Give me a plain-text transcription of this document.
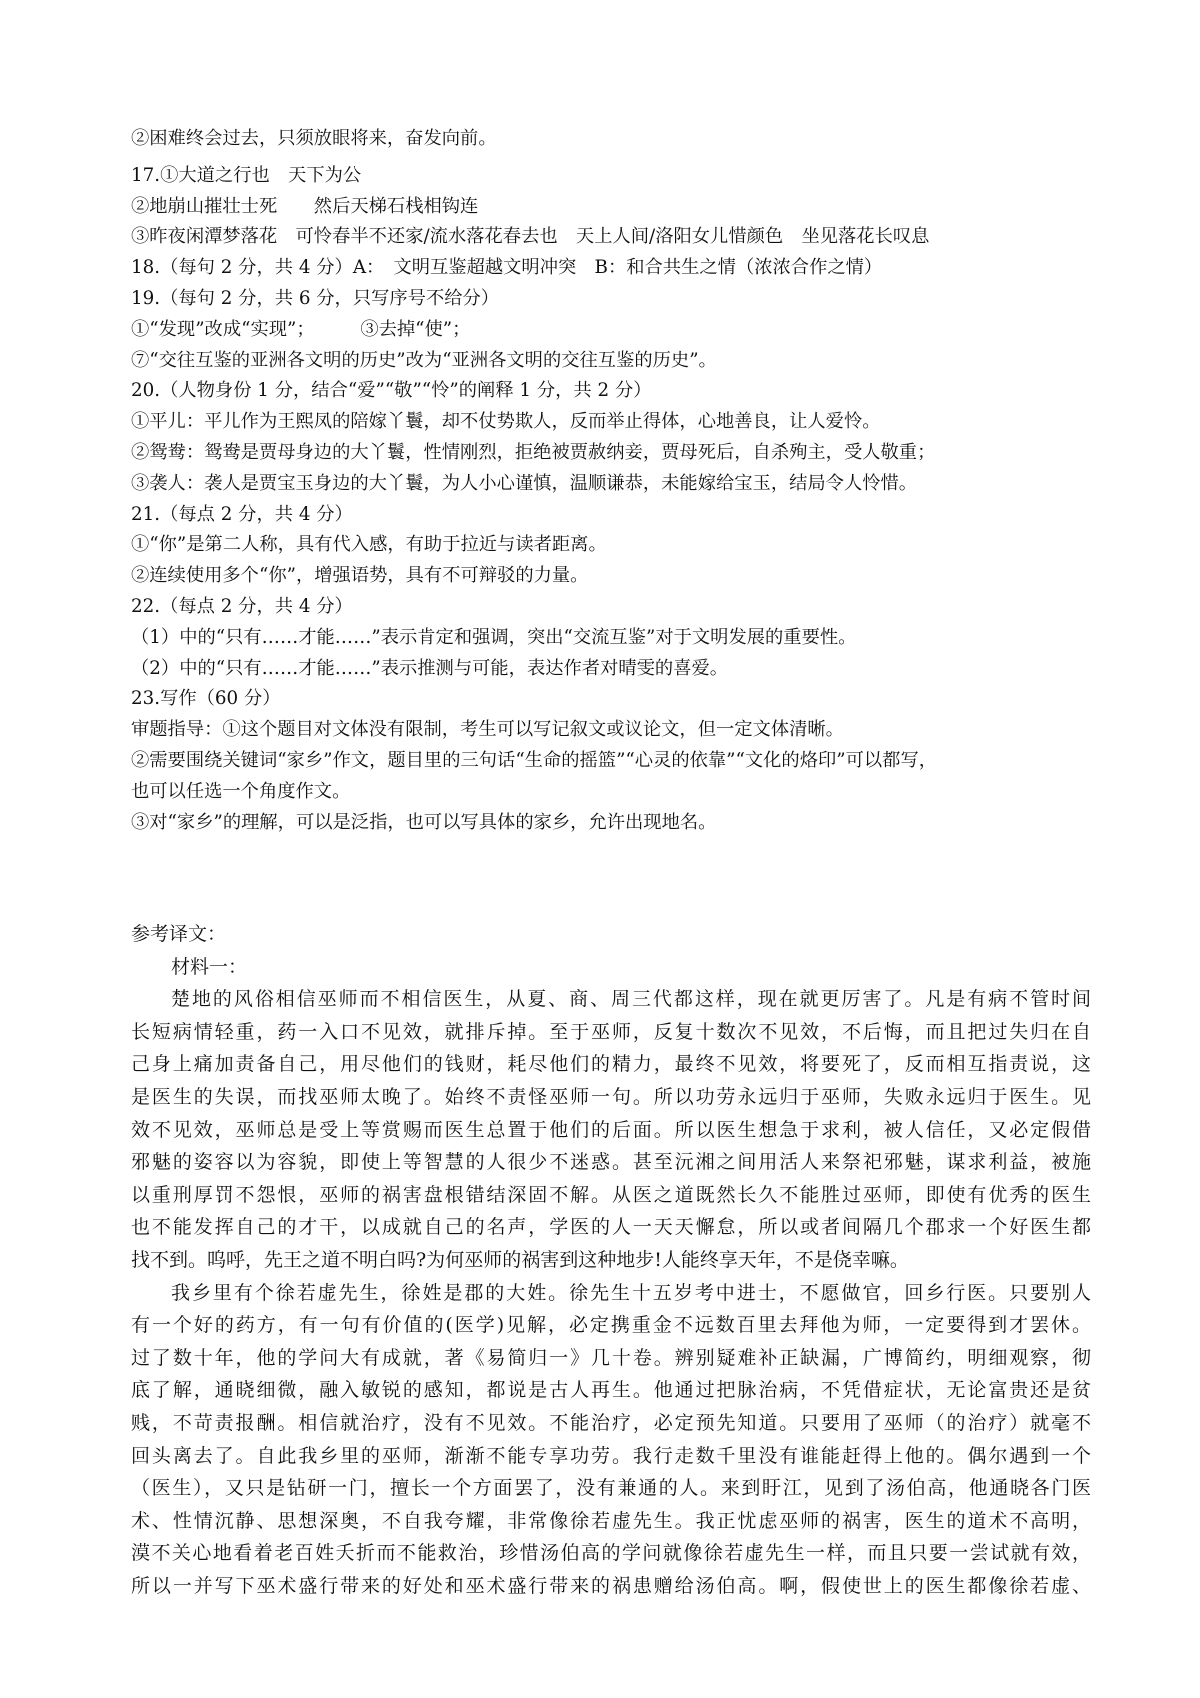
②困难终会过去，只须放眼将来，奋发向前。
17.①大道之行也　天下为公
②地崩山摧壮士死　　然后天梯石栈相钩连
③昨夜闲潭梦落花　可怜春半不还家/流水落花春去也　天上人间/洛阳女儿惜颜色　坐见落花长叹息
18.（每句 2 分，共 4 分）A：　文明互鉴超越文明冲突　B：和合共生之情（浓浓合作之情）
19.（每句 2 分，共 6 分，只写序号不给分）
①“发现”改成“实现”；　　　③去掉“使”；
⑦“交往互鉴的亚洲各文明的历史”改为“亚洲各文明的交往互鉴的历史”。
20.（人物身份 1 分，结合“爱”“敬”“怜”的阐释 1 分，共 2 分）
①平儿：平儿作为王熙凤的陪嫁丫鬟，却不仗势欺人，反而举止得体，心地善良，让人爱怜。
②鸳鸯：鸳鸯是贾母身边的大丫鬟，性情刚烈，拒绝被贾赦纳妾，贾母死后，自杀殉主，受人敬重；
③袭人：袭人是贾宝玉身边的大丫鬟，为人小心谨慎，温顺谦恭，未能嫁给宝玉，结局令人怜惜。
21.（每点 2 分，共 4 分）
①“你”是第二人称，具有代入感，有助于拉近与读者距离。
②连续使用多个“你”，增强语势，具有不可辩驳的力量。
22.（每点 2 分，共 4 分）
（1）中的“只有……才能……”表示肯定和强调，突出“交流互鉴”对于文明发展的重要性。
（2）中的“只有……才能……”表示推测与可能，表达作者对晴雯的喜爱。
23.写作（60 分）
审题指导：①这个题目对文体没有限制，考生可以写记叙文或议论文，但一定文体清晰。
②需要围绕关键词“家乡”作文，题目里的三句话“生命的摇篮”“心灵的依靠”“文化的烙印”可以都写，
也可以任选一个角度作文。
③对“家乡”的理解，可以是泛指，也可以写具体的家乡，允许出现地名。
参考译文：
材料一：
楚地的风俗相信巫师而不相信医生，从夏、商、周三代都这样，现在就更厉害了。凡是有病不管时间
长短病情轻重，药一入口不见效，就排斥掉。至于巫师，反复十数次不见效，不后悔，而且把过失归在自
己身上痛加责备自己，用尽他们的钱财，耗尽他们的精力，最终不见效，将要死了，反而相互指责说，这
是医生的失误，而找巫师太晚了。始终不责怪巫师一句。所以功劳永远归于巫师，失败永远归于医生。见
效不见效，巫师总是受上等赏赐而医生总置于他们的后面。所以医生想急于求利，被人信任，又必定假借
邪魅的姿容以为容貌，即使上等智慧的人很少不迷惑。甚至沅湘之间用活人来祭祀邪魅，谋求利益，被施
以重刑厚罚不怨恨，巫师的祸害盘根错结深固不解。从医之道既然长久不能胜过巫师，即使有优秀的医生
也不能发挥自己的才干，以成就自己的名声，学医的人一天天懈怠，所以或者间隔几个郡求一个好医生都
找不到。呜呼，先王之道不明白吗?为何巫师的祸害到这种地步!人能终享天年，不是侥幸嘛。
我乡里有个徐若虚先生，徐姓是郡的大姓。徐先生十五岁考中进士，不愿做官，回乡行医。只要别人
有一个好的药方，有一句有价值的(医学)见解，必定携重金不远数百里去拜他为师，一定要得到才罢休。
过了数十年，他的学问大有成就，著《易简归一》几十卷。辨别疑难补正缺漏，广博简约，明细观察，彻
底了解，通晓细微，融入敏锐的感知，都说是古人再生。他通过把脉治病，不凭借症状，无论富贵还是贫
贱，不苛责报酬。相信就治疗，没有不见效。不能治疗，必定预先知道。只要用了巫师（的治疗）就毫不
回头离去了。自此我乡里的巫师，渐渐不能专享功劳。我行走数千里没有谁能赶得上他的。偶尔遇到一个
（医生），又只是钻研一门，擅长一个方面罢了，没有兼通的人。来到盱江，见到了汤伯高，他通晓各门医
术、性情沉静、思想深奥，不自我夸耀，非常像徐若虚先生。我正忧虑巫师的祸害，医生的道术不高明，
漠不关心地看着老百姓夭折而不能救治，珍惜汤伯高的学问就像徐若虚先生一样，而且只要一尝试就有效，
所以一并写下巫术盛行带来的好处和巫术盛行带来的祸患赠给汤伯高。啊，假使世上的医生都像徐若虚、
